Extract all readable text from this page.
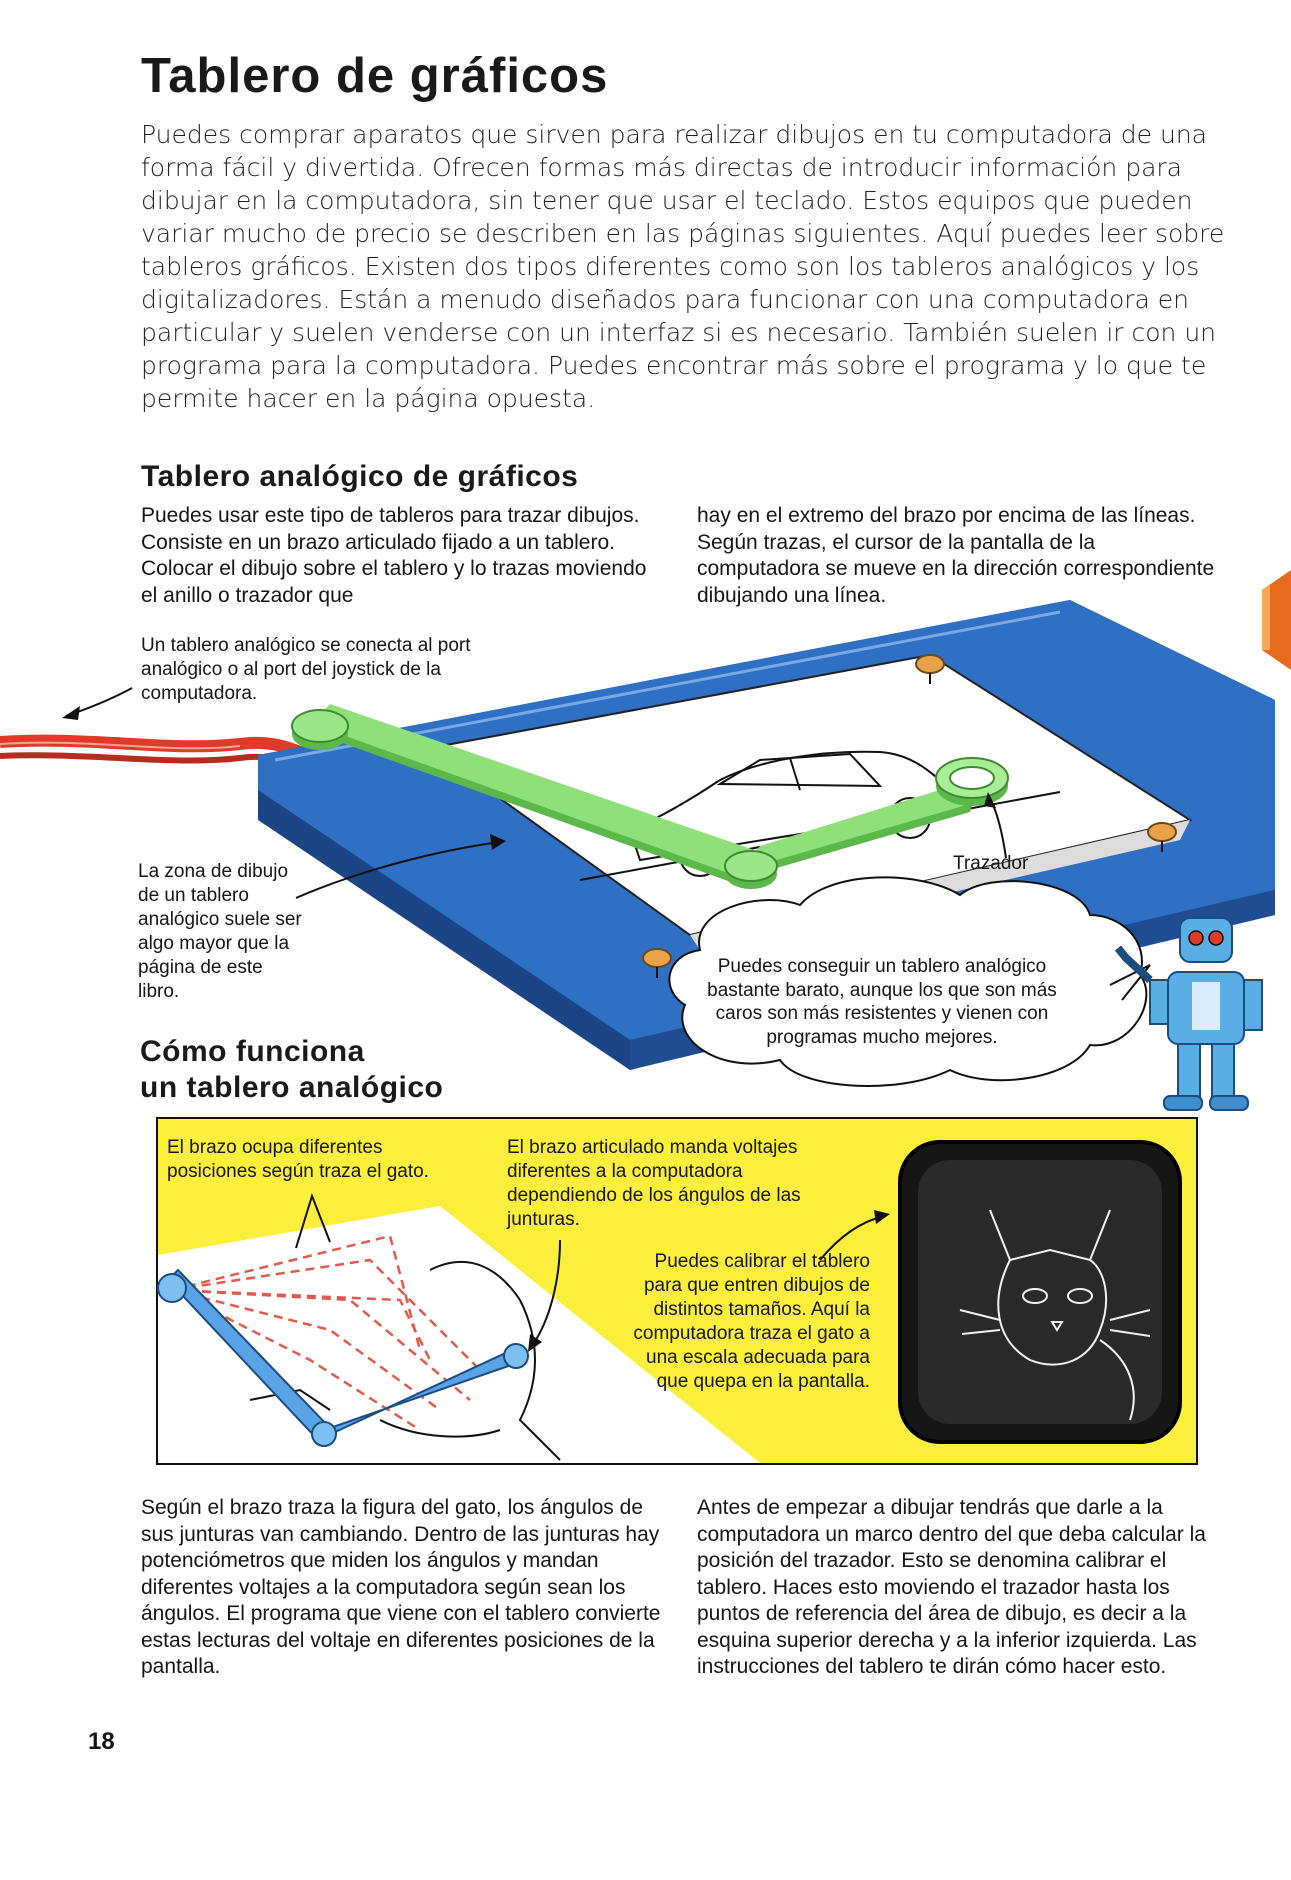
Tablero de gráficos

Puedes comprar aparatos que sirven para realizar dibujos en tu computadora de una forma fácil y divertida. Ofrecen formas más directas de introducir información para dibujar en la computadora, sin tener que usar el teclado. Estos equipos que pueden variar mucho de precio se describen en las páginas siguientes. Aquí puedes leer sobre tableros gráficos. Existen dos tipos diferentes como son los tableros analógicos y los digitalizadores. Están a menudo diseñados para funcionar con una computadora en particular y suelen venderse con un interfaz si es necesario. También suelen ir con un programa para la computadora. Puedes encontrar más sobre el programa y lo que te permite hacer en la página opuesta.

Tablero analógico de gráficos

Puedes usar este tipo de tableros para trazar dibujos. Consiste en un brazo articulado fijado a un tablero. Colocar el dibujo sobre el tablero y lo trazas moviendo el anillo o trazador que

hay en el extremo del brazo por encima de las líneas. Según trazas, el cursor de la pantalla de la computadora se mueve en la dirección correspondiente dibujando una línea.

Un tablero analógico se conecta al port analógico o al port del joystick de la computadora.

La zona de dibujo de un tablero analógico suele ser algo mayor que la página de este libro.

Trazador

Puedes conseguir un tablero analógico bastante barato, aunque los que son más caros son más resistentes y vienen con programas mucho mejores.

Cómo funciona
un tablero analógico

El brazo ocupa diferentes posiciones según traza el gato.

El brazo articulado manda voltajes diferentes a la computadora dependiendo de los ángulos de las junturas.

Puedes calibrar el tablero para que entren dibujos de distintos tamaños. Aquí la computadora traza el gato a una escala adecuada para que quepa en la pantalla.

Según el brazo traza la figura del gato, los ángulos de sus junturas van cambiando. Dentro de las junturas hay potenciómetros que miden los ángulos y mandan diferentes voltajes a la computadora según sean los ángulos. El programa que viene con el tablero convierte estas lecturas del voltaje en diferentes posiciones de la pantalla.

Antes de empezar a dibujar tendrás que darle a la computadora un marco dentro del que deba calcular la posición del trazador. Esto se denomina calibrar el tablero. Haces esto moviendo el trazador hasta los puntos de referencia del área de dibujo, es decir a la esquina superior derecha y a la inferior izquierda. Las instrucciones del tablero te dirán cómo hacer esto.

18
